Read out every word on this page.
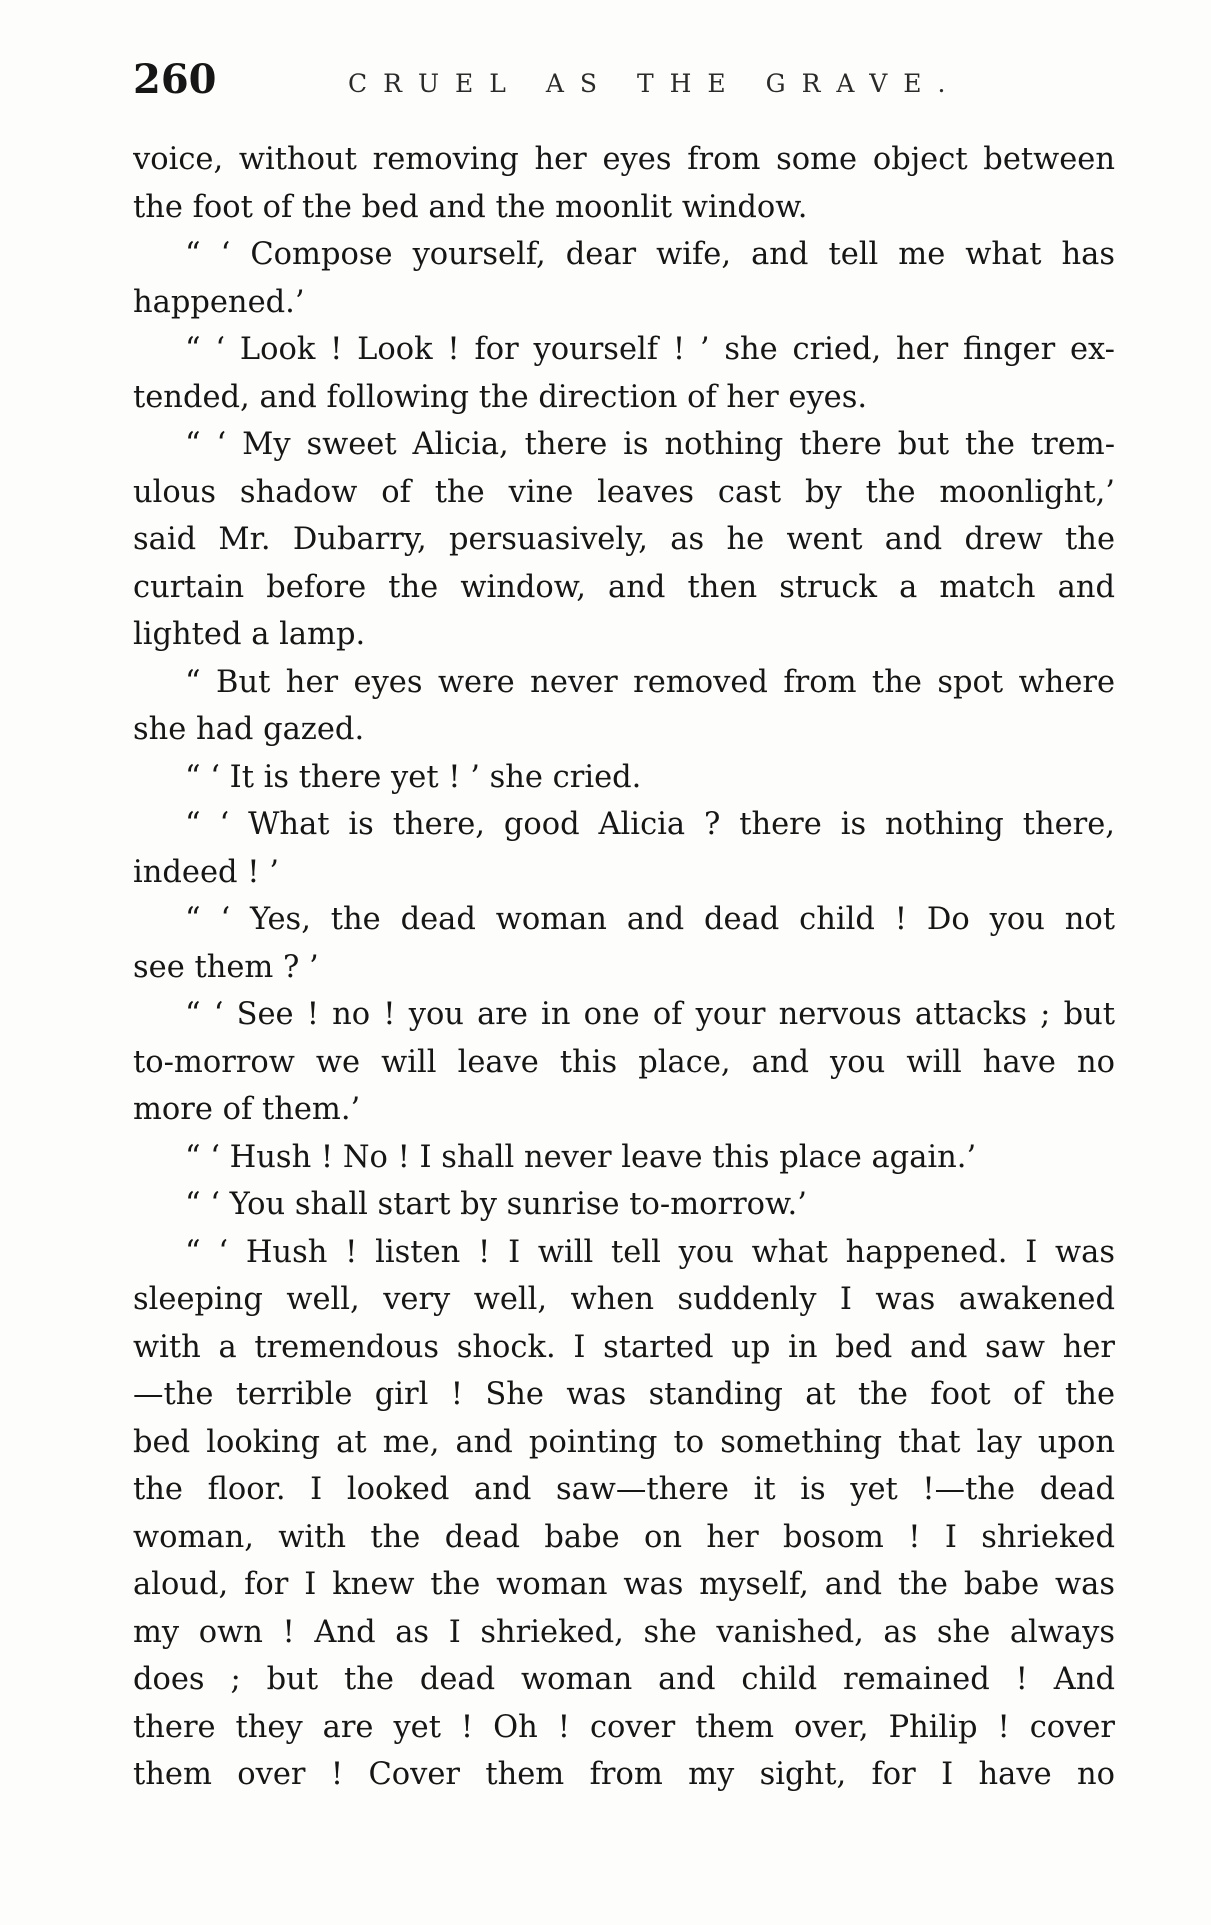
260	CRUEL AS THE GRAVE.
voice, without removing her eyes from some object between
the foot of the bed and the moonlit window.
“ ‘ Compose yourself, dear wife, and tell me what has
happened.’
“ ‘ Look ! Look ! for yourself ! ’ she cried, her finger ex-
tended, and following the direction of her eyes.
“ ‘ My sweet Alicia, there is nothing there but the trem-
ulous shadow of the vine leaves cast by the moonlight,’
said Mr. Dubarry, persuasively, as he went and drew the
curtain before the window, and then struck a match and
lighted a lamp.
“ But her eyes were never removed from the spot where
she had gazed.
“ ‘ It is there yet ! ’ she cried.
“ ‘ What is there, good Alicia ? there is nothing there,
indeed ! ’
“ ‘ Yes, the dead woman and dead child ! Do you not
see them ? ’
“ ‘ See ! no ! you are in one of your nervous attacks ; but
to-morrow we will leave this place, and you will have no
more of them.’
“ ‘ Hush ! No ! I shall never leave this place again.’
“ ‘ You shall start by sunrise to-morrow.’
“ ‘ Hush ! listen ! I will tell you what happened. I was
sleeping well, very well, when suddenly I was awakened
with a tremendous shock. I started up in bed and saw her
—the terrible girl ! She was standing at the foot of the
bed looking at me, and pointing to something that lay upon
the floor. I looked and saw—there it is yet !—the dead
woman, with the dead babe on her bosom ! I shrieked
aloud, for I knew the woman was myself, and the babe was
my own ! And as I shrieked, she vanished, as she always
does ; but the dead woman and child remained ! And
there they are yet ! Oh ! cover them over, Philip ! cover
them over ! Cover them from my sight, for I have no
